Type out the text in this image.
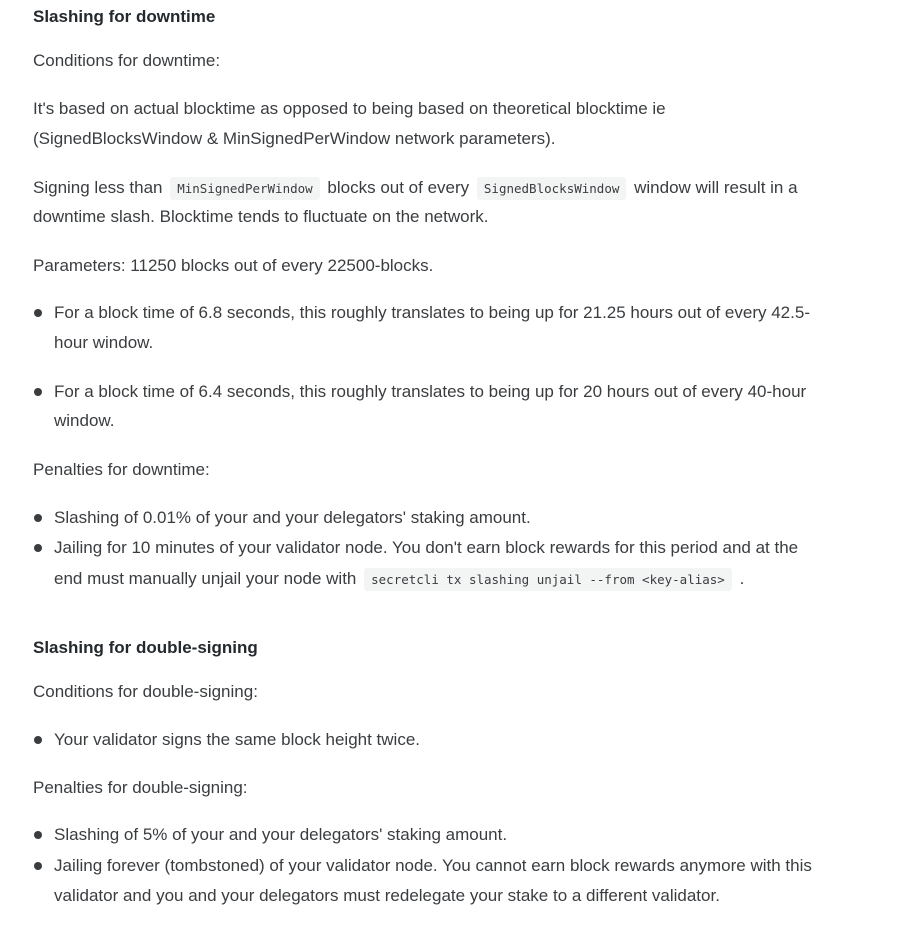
Slashing for downtime
Conditions for downtime:
It's based on actual blocktime as opposed to being based on theoretical blocktime ie
(SignedBlocksWindow & MinSignedPerWindow network parameters).
Signing less than MinSignedPerWindow blocks out of every SignedBlocksWindow window will result in a
downtime slash. Blocktime tends to fluctuate on the network.
Parameters: 11250 blocks out of every 22500-blocks.
For a block time of 6.8 seconds, this roughly translates to being up for 21.25 hours out of every 42.5-
hour window.
For a block time of 6.4 seconds, this roughly translates to being up for 20 hours out of every 40-hour
window.
Penalties for downtime:
Slashing of 0.01% of your and your delegators' staking amount.
Jailing for 10 minutes of your validator node. You don't earn block rewards for this period and at the
end must manually unjail your node with secretcli tx slashing unjail --from <key-alias> .
Slashing for double-signing
Conditions for double-signing:
Your validator signs the same block height twice.
Penalties for double-signing:
Slashing of 5% of your and your delegators' staking amount.
Jailing forever (tombstoned) of your validator node. You cannot earn block rewards anymore with this
validator and you and your delegators must redelegate your stake to a different validator.
